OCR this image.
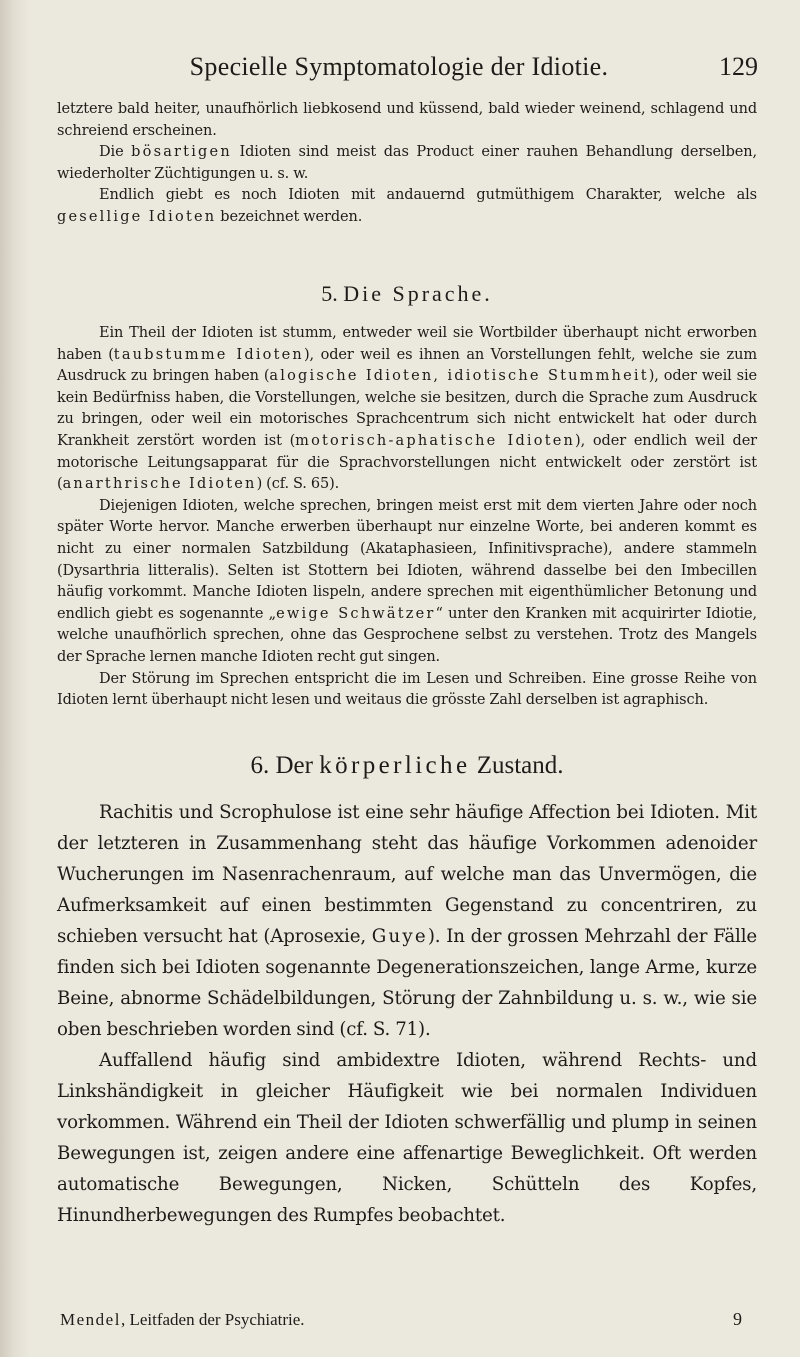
Specielle Symptomatologie der Idiotie.	129

letztere bald heiter, unaufhörlich liebkosend und küssend, bald wieder weinend, schlagend und schreiend erscheinen.

Die bösartigen Idioten sind meist das Product einer rauhen Behandlung derselben, wiederholter Züchtigungen u. s. w.

Endlich giebt es noch Idioten mit andauernd gutmüthigem Charakter, welche als gesellige Idioten bezeichnet werden.

5. Die Sprache.

Ein Theil der Idioten ist stumm, entweder weil sie Wortbilder überhaupt nicht erworben haben (taubstumme Idioten), oder weil es ihnen an Vorstellungen fehlt, welche sie zum Ausdruck zu bringen haben (alogische Idioten, idiotische Stummheit), oder weil sie kein Bedürfniss haben, die Vorstellungen, welche sie besitzen, durch die Sprache zum Ausdruck zu bringen, oder weil ein motorisches Sprachcentrum sich nicht entwickelt hat oder durch Krankheit zerstört worden ist (motorisch-aphatische Idioten), oder endlich weil der motorische Leitungsapparat für die Sprachvorstellungen nicht entwickelt oder zerstört ist (anarthrische Idioten) (cf. S. 65).

Diejenigen Idioten, welche sprechen, bringen meist erst mit dem vierten Jahre oder noch später Worte hervor. Manche erwerben überhaupt nur einzelne Worte, bei anderen kommt es nicht zu einer normalen Satzbildung (Akataphasieen, Infinitivsprache), andere stammeln (Dysarthria litteralis). Selten ist Stottern bei Idioten, während dasselbe bei den Imbecillen häufig vorkommt. Manche Idioten lispeln, andere sprechen mit eigenthümlicher Betonung und endlich giebt es sogenannte „ewige Schwätzer“ unter den Kranken mit acquirirter Idiotie, welche unaufhörlich sprechen, ohne das Gesprochene selbst zu verstehen. Trotz des Mangels der Sprache lernen manche Idioten recht gut singen.

Der Störung im Sprechen entspricht die im Lesen und Schreiben. Eine grosse Reihe von Idioten lernt überhaupt nicht lesen und weitaus die grösste Zahl derselben ist agraphisch.

6. Der körperliche Zustand.

Rachitis und Scrophulose ist eine sehr häufige Affection bei Idioten. Mit der letzteren in Zusammenhang steht das häufige Vorkommen adenoider Wucherungen im Nasenrachenraum, auf welche man das Unvermögen, die Aufmerksamkeit auf einen bestimmten Gegenstand zu concentriren, zu schieben versucht hat (Aprosexie, Guye). In der grossen Mehrzahl der Fälle finden sich bei Idioten sogenannte Degenerationszeichen, lange Arme, kurze Beine, abnorme Schädelbildungen, Störung der Zahnbildung u. s. w., wie sie oben beschrieben worden sind (cf. S. 71).

Auffallend häufig sind ambidextre Idioten, während Rechts- und Linkshändigkeit in gleicher Häufigkeit wie bei normalen Individuen vorkommen. Während ein Theil der Idioten schwerfällig und plump in seinen Bewegungen ist, zeigen andere eine affenartige Beweglichkeit. Oft werden automatische Bewegungen, Nicken, Schütteln des Kopfes, Hinundherbewegungen des Rumpfes beobachtet.

Mendel, Leitfaden der Psychiatrie.	9
